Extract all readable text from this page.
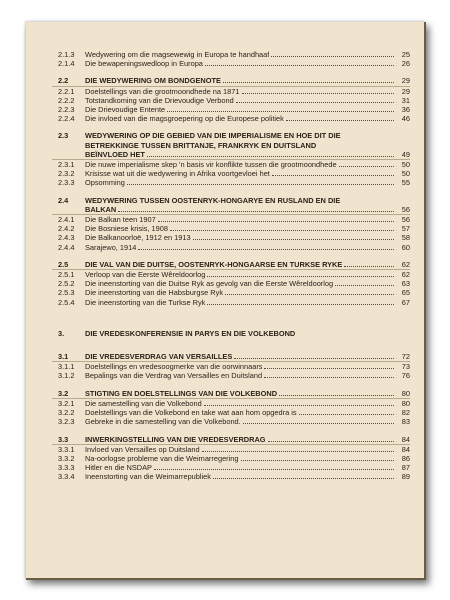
2.1.3	Wedywering om die magsewewig in Europa te handhaaf	25
2.1.4	Die bewapeningswedloop in Europa	26
2.2	DIE WEDYWERING OM BONDGENOTE	29
2.2.1	Doelstellings van die grootmoondhede na 1871	29
2.2.2	Totstandkoming van die Drievoudige Verbond	31
2.2.3	Die Drievoudige Entente	36
2.2.4	Die invloed van die magsgroepering op die Europese politiek	46
2.3	WEDYWERING OP DIE GEBIED VAN DIE IMPERIALISME EN HOE DIT DIE
BETREKKINGE TUSSEN BRITTANJE, FRANKRYK EN DUITSLAND
BEÏNVLOED HET	49
2.3.1	Die nuwe imperialisme skep 'n basis vir konflikte tussen die grootmoondhede	50
2.3.2	Krisisse wat uit die wedywering in Afrika voortgevloei het	50
2.3.3	Opsomming	55
2.4	WEDYWERING TUSSEN OOSTENRYK-HONGARYE EN RUSLAND EN DIE
BALKAN	56
2.4.1	Die Balkan teen 1907	56
2.4.2	Die Bosniese krisis, 1908	57
2.4.3	Die Balkanoorloë, 1912 en 1913	58
2.4.4	Sarajewo, 1914	60
2.5	DIE VAL VAN DIE DUITSE, OOSTENRYK-HONGAARSE EN TURKSE RYKE	62
2.5.1	Verloop van die Eerste Wêreldoorlog	62
2.5.2	Die ineenstorting van die Duitse Ryk as gevolg van die Eerste Wêreldoorlog	63
2.5.3	Die ineenstorting van die Habsburgse Ryk	65
2.5.4	Die ineenstorting van die Turkse Ryk	67
3.	DIE VREDESKONFERENSIE IN PARYS EN DIE VOLKEBOND
3.1	DIE VREDESVERDRAG VAN VERSAILLES	72
3.1.1	Doelstellings en vredesoogmerke van die oorwinnaars	73
3.1.2	Bepalings van die Verdrag van Versailles en Duitsland	76
3.2	STIGTING EN DOELSTELLINGS VAN DIE VOLKEBOND	80
3.2.1	Die samestelling van die Volkebond	80
3.2.2	Doelstellings van die Volkebond en take wat aan hom opgedra is	82
3.2.3	Gebreke in die samestelling van die Volkebond.	83
3.3	INWERKINGSTELLING VAN DIE VREDESVERDRAG	84
3.3.1	Invloed van Versailles op Duitsland	84
3.3.2	Na-oorlogse probleme van die Weimarregering	86
3.3.3	Hitler en die NSDAP	87
3.3.4	Ineenstorting van die Weimarrepubliek	89
